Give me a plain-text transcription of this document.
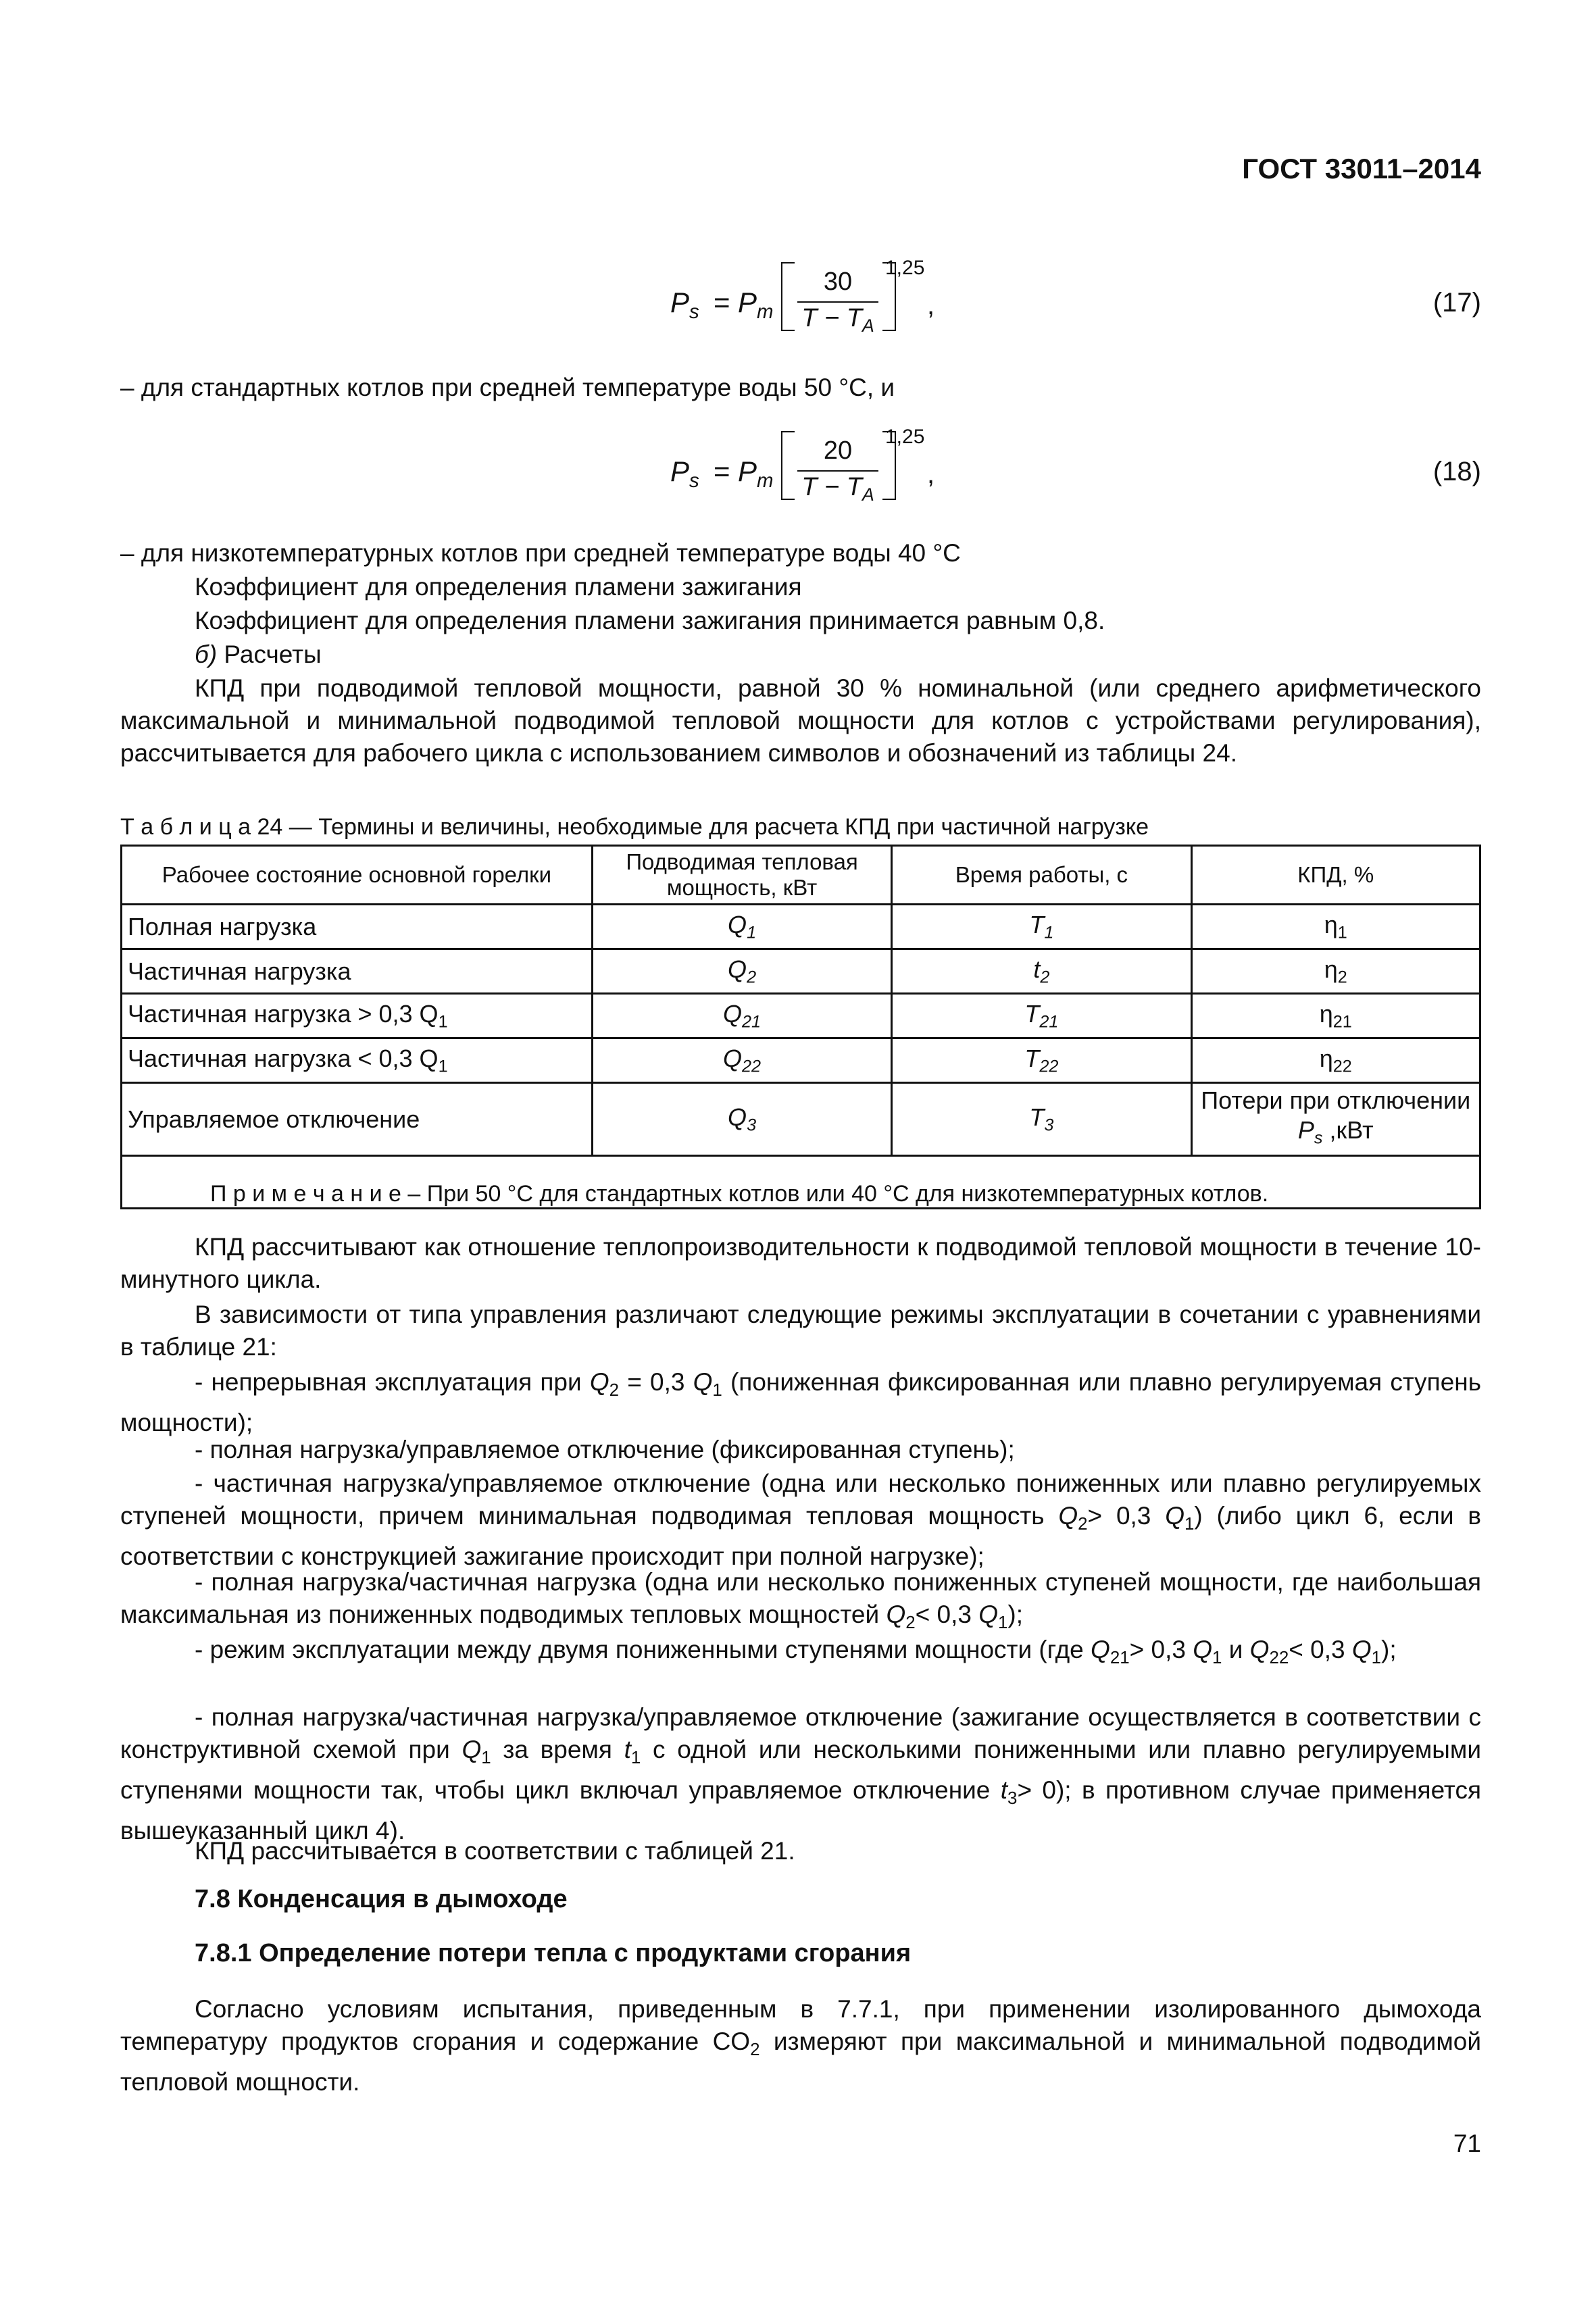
ГОСТ 33011–2014
$P_s = P_m$
30
$T - T_A$
1,25
,	(17)
– для стандартных котлов при средней температуре воды 50 °С, и
$P_s = P_m$
20
$T - T_A$
1,25
,	(18)
– для низкотемпературных котлов при средней температуре воды 40 °С
Коэффициент для определения пламени зажигания
Коэффициент для определения пламени зажигания принимается равным 0,8.
б) Расчеты
КПД при подводимой тепловой мощности, равной 30 % номинальной (или среднего арифметического максимальной и минимальной подводимой тепловой мощности для котлов с устройствами регулирования), рассчитывается для рабочего цикла с использованием символов и обозначений из таблицы 24.
Т а б л и ц а 24 — Термины и величины, необходимые для расчета КПД при частичной нагрузке
Рабочее состояние основной горелки	Подводимая тепловая мощность, кВт	Время работы, с	КПД, %
Полная нагрузка	$Q_1$	$T_1$	$\eta_1$
Частичная нагрузка	$Q_2$	$t_2$	$\eta_2$
Частичная нагрузка > 0,3 $Q_1$	$Q_{21}$	$T_{21}$	$\eta_{21}$
Частичная нагрузка < 0,3 $Q_1$	$Q_{22}$	$T_{22}$	$\eta_{22}$
Управляемое отключение	$Q_3$	$T_3$	Потери при отключении
$P_s$ ,кВт
П р и м е ч а н и е – При 50 °С для стандартных котлов или 40 °С для низкотемпературных котлов.			
КПД рассчитывают как отношение теплопроизводительности к подводимой тепловой мощности в течение 10-минутного цикла.
В зависимости от типа управления различают следующие режимы эксплуатации в сочетании с уравнениями в таблице 21:
- непрерывная эксплуатация при $Q_2 = 0,3$ $Q_1$ (пониженная фиксированная или плавно регулируемая ступень мощности);
- полная нагрузка/управляемое отключение (фиксированная ступень);
- частичная нагрузка/управляемое отключение (одна или несколько пониженных или плавно регулируемых ступеней мощности, причем минимальная подводимая тепловая мощность $Q_2> 0,3$ $Q_1$) (либо цикл 6, если в соответствии с конструкцией зажигание происходит при полной нагрузке);
- полная нагрузка/частичная нагрузка (одна или несколько пониженных ступеней мощности, где наибольшая максимальная из пониженных подводимых тепловых мощностей $Q_2< 0,3$ $Q_1$);
- режим эксплуатации между двумя пониженными ступенями мощности (где $Q_{21}> 0,3$ $Q_1$ и $Q_{22}< 0,3$ $Q_1$);
- полная нагрузка/частичная нагрузка/управляемое отключение (зажигание осуществляется в соответствии с конструктивной схемой при $Q_1$ за время $t_1$ с одной или несколькими пониженными или плавно регулируемыми ступенями мощности так, чтобы цикл включал управляемое отключение $t_3> 0$); в противном случае применяется вышеуказанный цикл 4).
КПД рассчитывается в соответствии с таблицей 21.
7.8 Конденсация в дымоходе
7.8.1 Определение потери тепла с продуктами сгорания
Согласно условиям испытания, приведенным в 7.7.1, при применении изолированного дымохода температуру продуктов сгорания и содержание $CO_2$ измеряют при максимальной и минимальной подводимой тепловой мощности.
71
